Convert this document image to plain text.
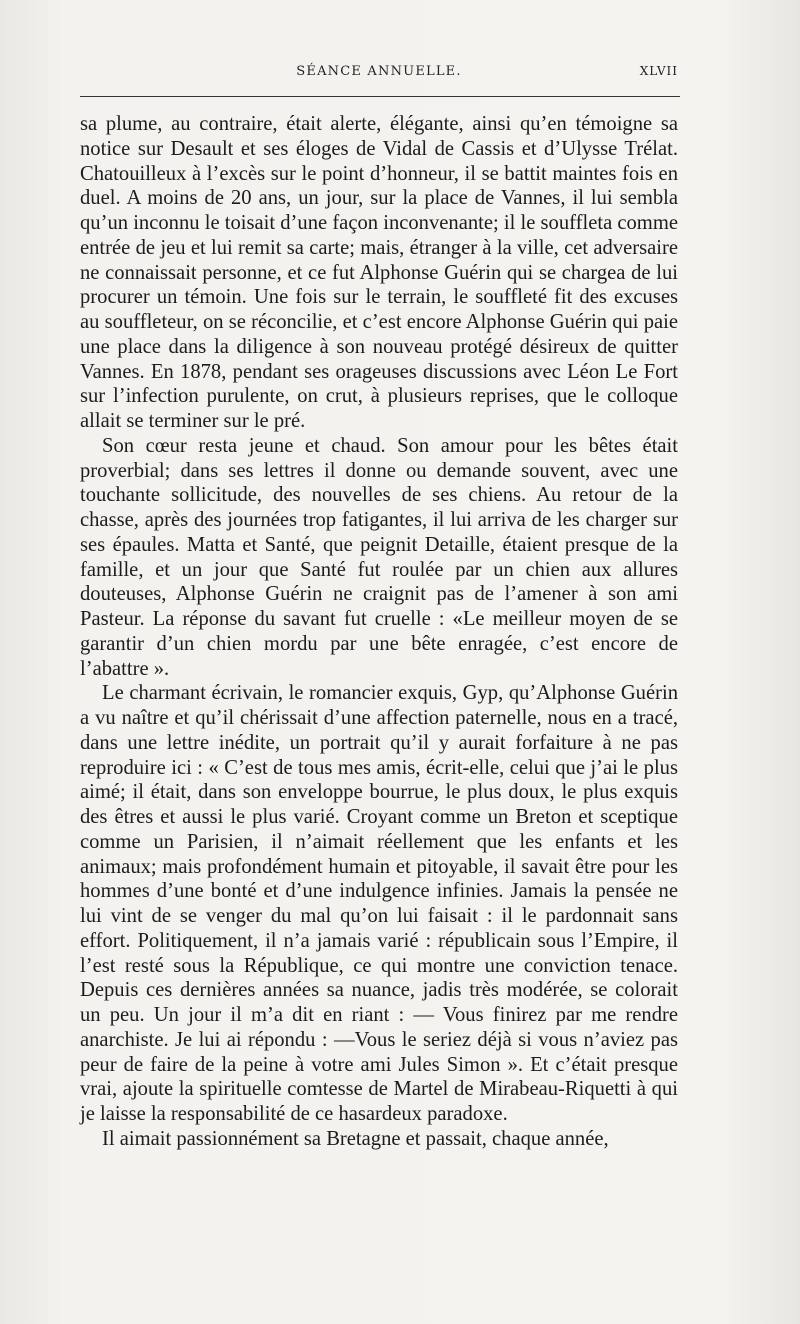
SÉANCE ANNUELLE.	XLVII

sa plume, au contraire, était alerte, élégante, ainsi qu’en témoigne sa notice sur Desault et ses éloges de Vidal de Cassis et d’Ulysse Trélat. Chatouilleux à l’excès sur le point d’honneur, il se battit maintes fois en duel. A moins de 20 ans, un jour, sur la place de Vannes, il lui sembla qu’un inconnu le toisait d’une façon inconvenante; il le souffleta comme entrée de jeu et lui remit sa carte; mais, étranger à la ville, cet adversaire ne connaissait personne, et ce fut Alphonse Guérin qui se chargea de lui procurer un témoin. Une fois sur le terrain, le souffleté fit des excuses au souffleteur, on se réconcilie, et c’est encore Alphonse Guérin qui paie une place dans la diligence à son nouveau protégé désireux de quitter Vannes. En 1878, pendant ses orageuses discussions avec Léon Le Fort sur l’infection purulente, on crut, à plusieurs reprises, que le colloque allait se terminer sur le pré.

Son cœur resta jeune et chaud. Son amour pour les bêtes était proverbial; dans ses lettres il donne ou demande souvent, avec une touchante sollicitude, des nouvelles de ses chiens. Au retour de la chasse, après des journées trop fatigantes, il lui arriva de les charger sur ses épaules. Matta et Santé, que peignit Detaille, étaient presque de la famille, et un jour que Santé fut roulée par un chien aux allures douteuses, Alphonse Guérin ne craignit pas de l’amener à son ami Pasteur. La réponse du savant fut cruelle : «Le meilleur moyen de se garantir d’un chien mordu par une bête enragée, c’est encore de l’abattre ».

Le charmant écrivain, le romancier exquis, Gyp, qu’Alphonse Guérin a vu naître et qu’il chérissait d’une affection paternelle, nous en a tracé, dans une lettre inédite, un portrait qu’il y aurait forfaiture à ne pas reproduire ici : « C’est de tous mes amis, écrit-elle, celui que j’ai le plus aimé; il était, dans son enveloppe bourrue, le plus doux, le plus exquis des êtres et aussi le plus varié. Croyant comme un Breton et sceptique comme un Parisien, il n’aimait réellement que les enfants et les animaux; mais profondément humain et pitoyable, il savait être pour les hommes d’une bonté et d’une indulgence infinies. Jamais la pensée ne lui vint de se venger du mal qu’on lui faisait : il le pardonnait sans effort. Politiquement, il n’a jamais varié : républicain sous l’Empire, il l’est resté sous la République, ce qui montre une conviction tenace. Depuis ces dernières années sa nuance, jadis très modérée, se colorait un peu. Un jour il m’a dit en riant : — Vous finirez par me rendre anarchiste. Je lui ai répondu : —Vous le seriez déjà si vous n’aviez pas peur de faire de la peine à votre ami Jules Simon ». Et c’était presque vrai, ajoute la spirituelle comtesse de Martel de Mirabeau-Riquetti à qui je laisse la responsabilité de ce hasardeux paradoxe.

Il aimait passionnément sa Bretagne et passait, chaque année,
